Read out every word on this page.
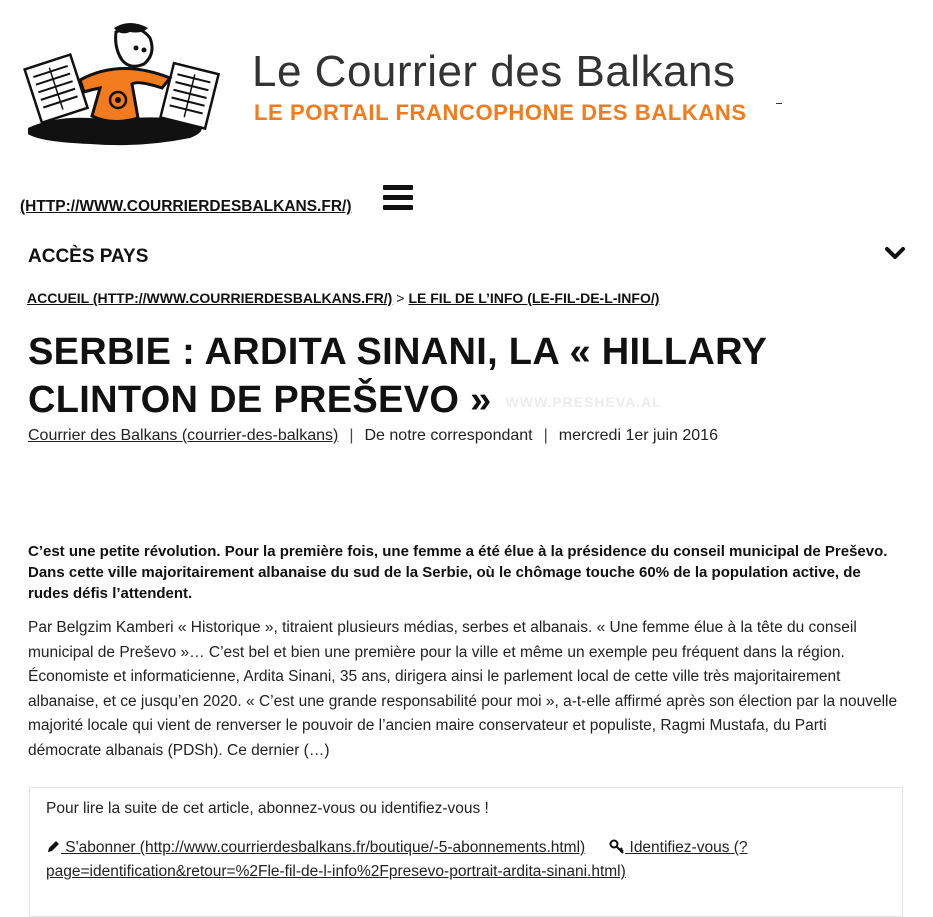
Le Courrier des Balkans
LE PORTAIL FRANCOPHONE DES BALKANS
(HTTP://WWW.COURRIERDESBALKANS.FR/)
ACCÈS PAYS
ACCUEIL (HTTP://WWW.COURRIERDESBALKANS.FR/) > LE FIL DE L’INFO (LE-FIL-DE-L-INFO/)
SERBIE : ARDITA SINANI, LA « HILLARY CLINTON DE PREŠEVO » WWW.PRESHEVA.AL
Courrier des Balkans (courrier-des-balkans) | De notre correspondant | mercredi 1er juin 2016

C’est une petite révolution. Pour la première fois, une femme a été élue à la présidence du conseil municipal de Preševo. Dans cette ville majoritairement albanaise du sud de la Serbie, où le chômage touche 60% de la population active, de rudes défis l’attendent.

Par Belgzim Kamberi « Historique », titraient plusieurs médias, serbes et albanais. « Une femme élue à la tête du conseil municipal de Preševo »… C’est bel et bien une première pour la ville et même un exemple peu fréquent dans la région. Économiste et informaticienne, Ardita Sinani, 35 ans, dirigera ainsi le parlement local de cette ville très majoritairement albanaise, et ce jusqu’en 2020. « C’est une grande responsabilité pour moi », a-t-elle affirmé après son élection par la nouvelle majorité locale qui vient de renverser le pouvoir de l’ancien maire conservateur et populiste, Ragmi Mustafa, du Parti démocrate albanais (PDSh). Ce dernier (…)

Pour lire la suite de cet article, abonnez-vous ou identifiez-vous !
S'abonner (http://www.courrierdesbalkans.fr/boutique/-5-abonnements.html)	Identifiez-vous (?page=identification&retour=%2Fle-fil-de-l-info%2Fpresevo-portrait-ardita-sinani.html)
